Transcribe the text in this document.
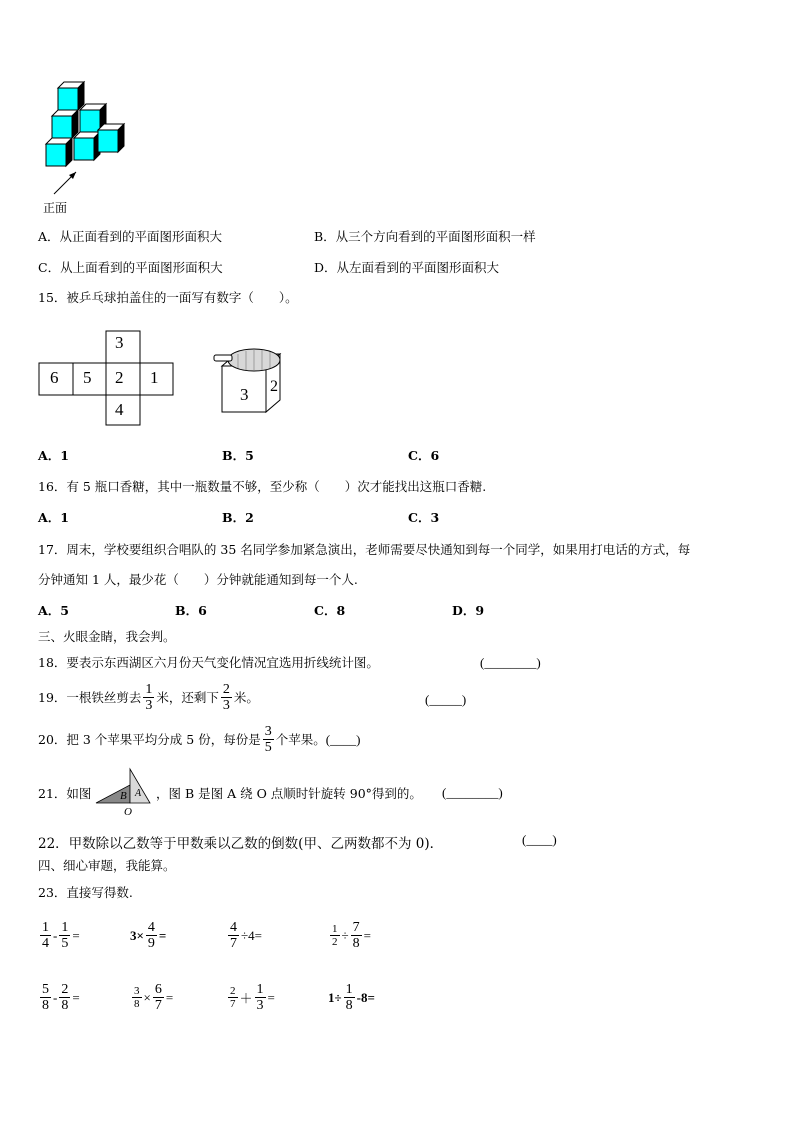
正面
A．从正面看到的平面图形面积大	B．从三个方向看到的平面图形面积一样
C．从上面看到的平面图形面积大	D．从左面看到的平面图形面积大
15．被乒乓球拍盖住的一面写有数字（　　）。
3
6 5 2 1
4
3 2
A．1	B．5	C．6
16．有 5 瓶口香糖，其中一瓶数量不够，至少称（　　）次才能找出这瓶口香糖.
A．1	B．2	C．3
17．周末，学校要组织合唱队的 35 名同学参加紧急演出，老师需要尽快通知到每一个同学，如果用打电话的方式，每
分钟通知 1 人，最少花（　　）分钟就能通知到每一个人.
A．5	B．6	C．8	D．9
三、火眼金睛，我会判。
18．要表示东西湖区六月份天气变化情况宜选用折线统计图。	(________)
19．一根铁丝剪去 $\frac{1}{3}$ 米，还剩下 $\frac{2}{3}$ 米。	(_____)
20．把 3 个苹果平均分成 5 份，每份是 $\frac{3}{5}$ 个苹果。 (____)
21．如图	B A
O
，图 B 是图 A 绕 O 点顺时针旋转 90°得到的。 (________)
22．甲数除以乙数等于甲数乘以乙数的倒数(甲、乙两数都不为 0)．	(____)
四、细心审题，我能算。
23．直接写得数.
$\frac{1}{4} - \frac{1}{5}$ =	$3\times \frac{4}{9}$ =	$\frac{4}{7} \div 4=$	$\frac{1}{2} \div \frac{7}{8}$ =
$\frac{5}{8} - \frac{2}{8}$ =	$\frac{3}{8} \times \frac{6}{7}$ =	$\frac{2}{7} + \frac{1}{3}$ =	$1\div \frac{1}{8} -8=$
